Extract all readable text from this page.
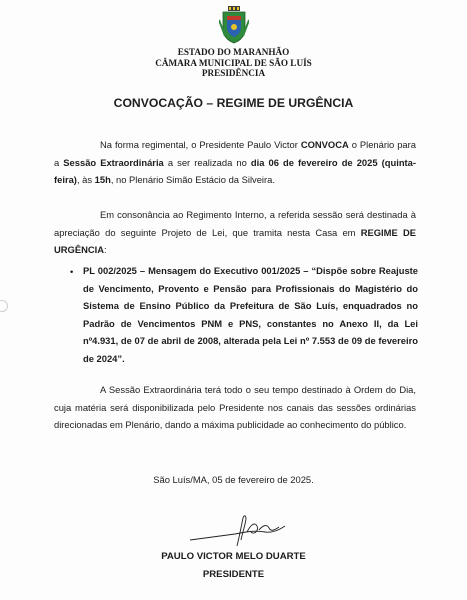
ESTADO DO MARANHÃO
CÂMARA MUNICIPAL DE SÃO LUÍS
PRESIDÊNCIA
CONVOCAÇÃO – REGIME DE URGÊNCIA
Na forma regimental, o Presidente Paulo Victor CONVOCA o Plenário para a Sessão Extraordinária a ser realizada no dia 06 de fevereiro de 2025 (quinta-feira), às 15h, no Plenário Simão Estácio da Silveira.
Em consonância ao Regimento Interno, a referida sessão será destinada à apreciação do seguinte Projeto de Lei, que tramita nesta Casa em REGIME DE URGÊNCIA:
• PL 002/2025 – Mensagem do Executivo 001/2025 – “Dispõe sobre Reajuste de Vencimento, Provento e Pensão para Profissionais do Magistério do Sistema de Ensino Público da Prefeitura de São Luís, enquadrados no Padrão de Vencimentos PNM e PNS, constantes no Anexo II, da Lei nº4.931, de 07 de abril de 2008, alterada pela Lei nº 7.553 de 09 de fevereiro de 2024”.
A Sessão Extraordinária terá todo o seu tempo destinado à Ordem do Dia, cuja matéria será disponibilizada pelo Presidente nos canais das sessões ordinárias direcionadas em Plenário, dando a máxima publicidade ao conhecimento do público.
São Luís/MA, 05 de fevereiro de 2025.
PAULO VICTOR MELO DUARTE
PRESIDENTE
